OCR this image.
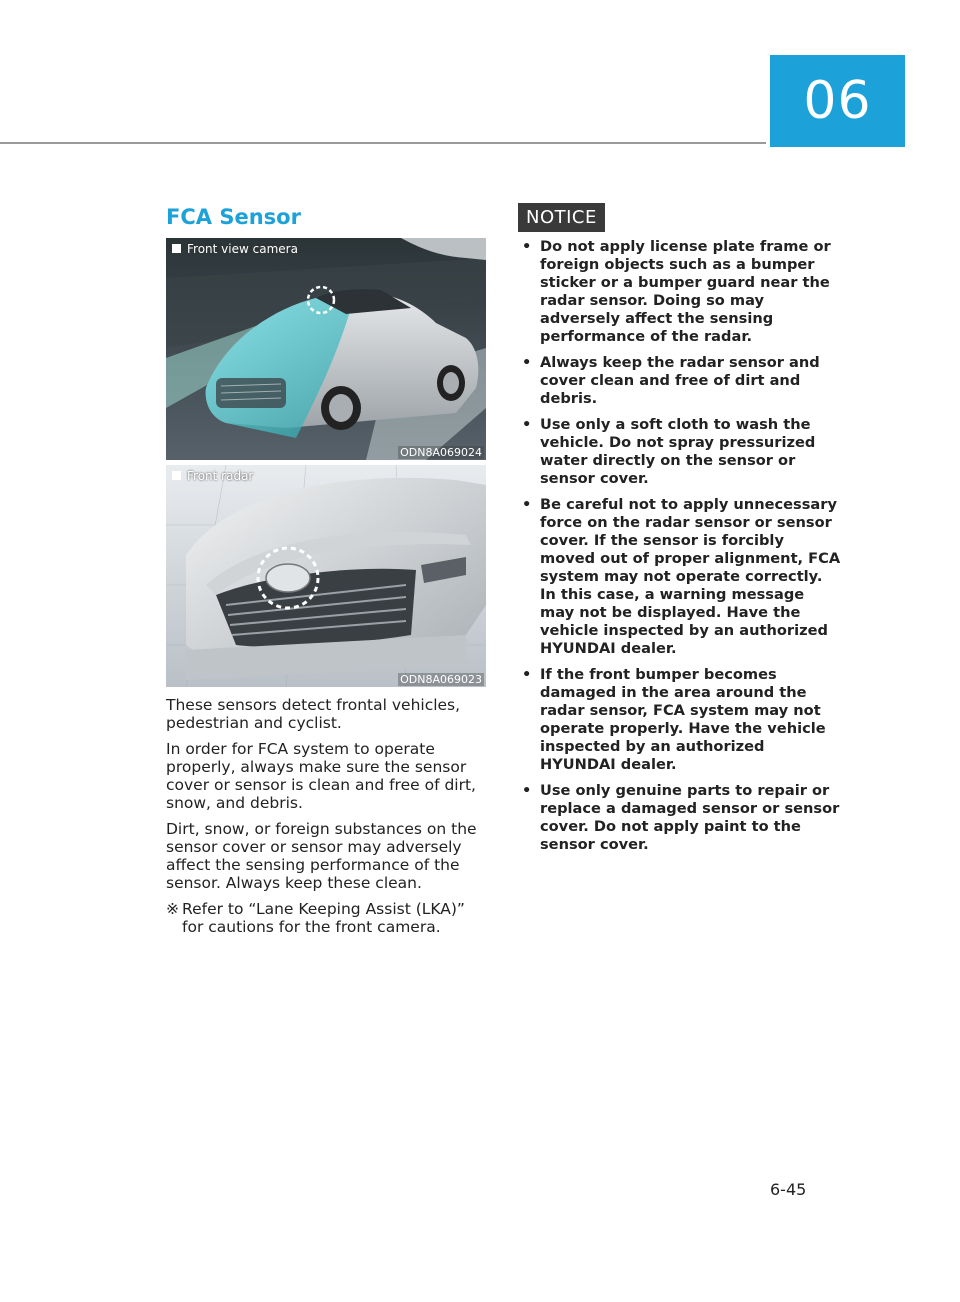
06
FCA Sensor
Front view camera
ODN8A069024
Front radar
ODN8A069023

These sensors detect frontal vehicles, pedestrian and cyclist.

In order for FCA system to operate properly, always make sure the sensor cover or sensor is clean and free of dirt, snow, and debris.

Dirt, snow, or foreign substances on the sensor cover or sensor may adversely affect the sensing performance of the sensor. Always keep these clean.

※ Refer to “Lane Keeping Assist (LKA)” for cautions for the front camera.
NOTICE
• Do not apply license plate frame or foreign objects such as a bumper sticker or a bumper guard near the radar sensor. Doing so may adversely affect the sensing performance of the radar.
• Always keep the radar sensor and cover clean and free of dirt and debris.
• Use only a soft cloth to wash the vehicle. Do not spray pressurized water directly on the sensor or sensor cover.
• Be careful not to apply unnecessary force on the radar sensor or sensor cover. If the sensor is forcibly moved out of proper alignment, FCA system may not operate correctly. In this case, a warning message may not be displayed. Have the vehicle inspected by an authorized HYUNDAI dealer.
• If the front bumper becomes damaged in the area around the radar sensor, FCA system may not operate properly. Have the vehicle inspected by an authorized HYUNDAI dealer.
• Use only genuine parts to repair or replace a damaged sensor or sensor cover. Do not apply paint to the sensor cover.
6-45
